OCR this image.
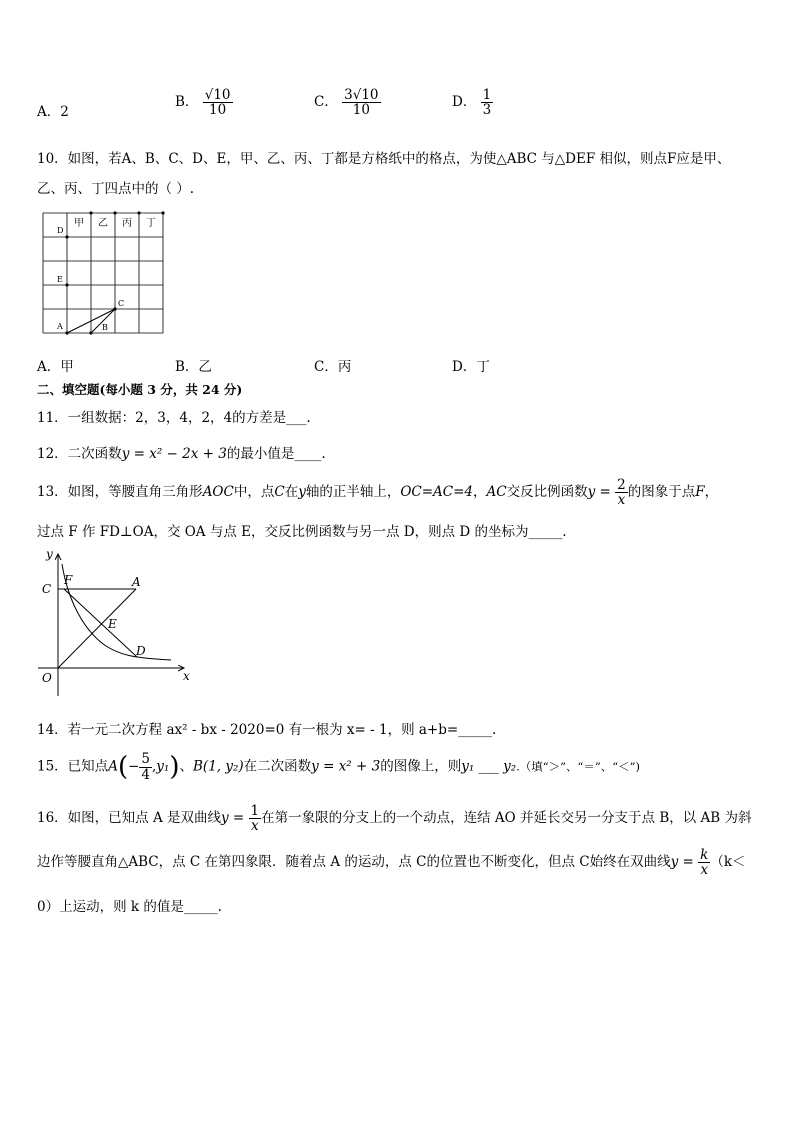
A．2
B． $\frac{√10}{10}$	C． $\frac{3√10}{10}$	D． $\frac{1}{3}$
10．如图，若A、B、C、D、E，甲、乙、丙、丁都是方格纸中的格点，为使△ABC 与△DEF 相似，则点F应是甲、
乙、丙、丁四点中的（ ）.
甲 乙 丙 丁
D
E
C
A	B
A．甲	B．乙	C．丙	D．丁
二、填空题(每小题 3 分，共 24 分)
11．一组数据：2，3，4，2，4的方差是___.
12．二次函数y = x² − 2x + 3的最小值是____.
13．如图，等腰直角三角形AOC中，点C在y轴的正半轴上，OC=AC=4，AC交反比例函数$y = \frac{2}{x}$ 的图象于点F，
过点 F 作 FD⊥OA，交 OA 与点 E，交反比例函数与另一点 D，则点 D 的坐标为_____.
y
x
O
C
F	A
E
D
14．若一元二次方程 ax² - bx - 2020=0 有一根为 x= - 1，则 a+b=_____.
15．已知点$A(- \frac{5}{4} ,y_1)$、B(1, y₂)在二次函数y = x² + 3的图像上，则y₁ ___ y₂.（填“＞”、“＝”、“＜”)
16．如图，已知点 A 是双曲线$y = \frac{1}{x}$ 在第一象限的分支上的一个动点，连结 AO 并延长交另一分支于点 B，以 AB 为斜
边作等腰直角△ABC，点 C 在第四象限．随着点 A 的运动，点 C的位置也不断变化，但点 C始终在双曲线$y = \frac{k}{x} (k<$
0）上运动，则 k 的值是_____.
